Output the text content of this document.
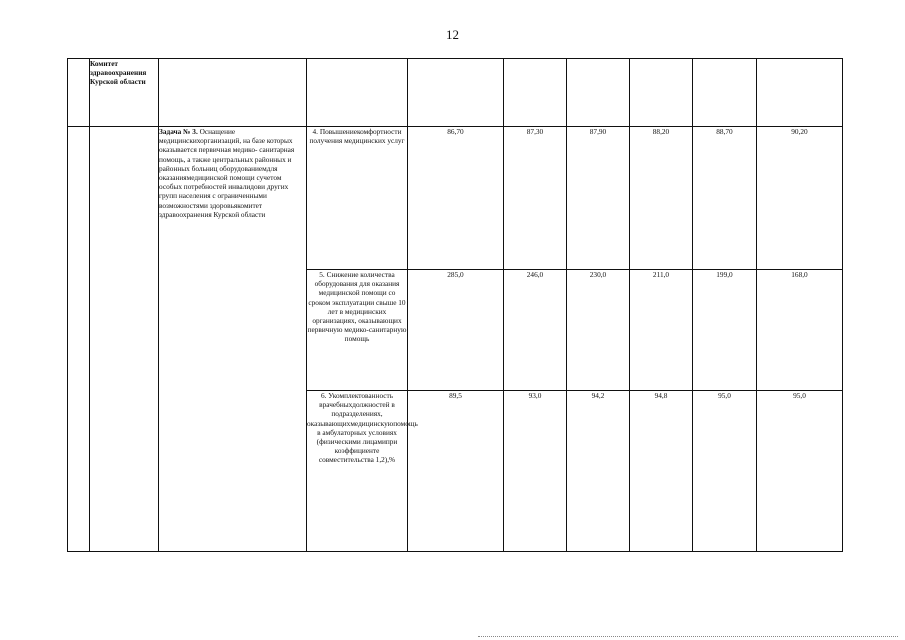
12
	Комитет здравоохранения Курской области								
		Задача № 3. Оснащение медицинскихорганизаций, на базе которых оказывается первичная медико- санитарная помощь, а также центральных районных и районных больниц оборудованиемдля оказаниямедицинской помощи сучетом особых потребностей инвалидови других групп населения с ограниченными возможностями здоровьякомитет здравоохранения Курской области	4. Повышениекомфортности получения медицинских услуг	86,70	87,30	87,90	88,20	88,70	90,20
			5. Снижение количества оборудования для оказания медицинской помощи со сроком эксплуатации свыше 10 лет в медицинских организациях, оказывающих первичную медико-санитарную помощь	285,0	246,0	230,0	211,0	199,0	168,0
			6. Укомплектованность врачебныхдолжностей в подразделениях, оказывающихмедицинскуюпомощь в амбулаторных условиях (физическими лицамипри коэффициенте совместительства 1,2),%	89,5	93,0	94,2	94,8	95,0	95,0
